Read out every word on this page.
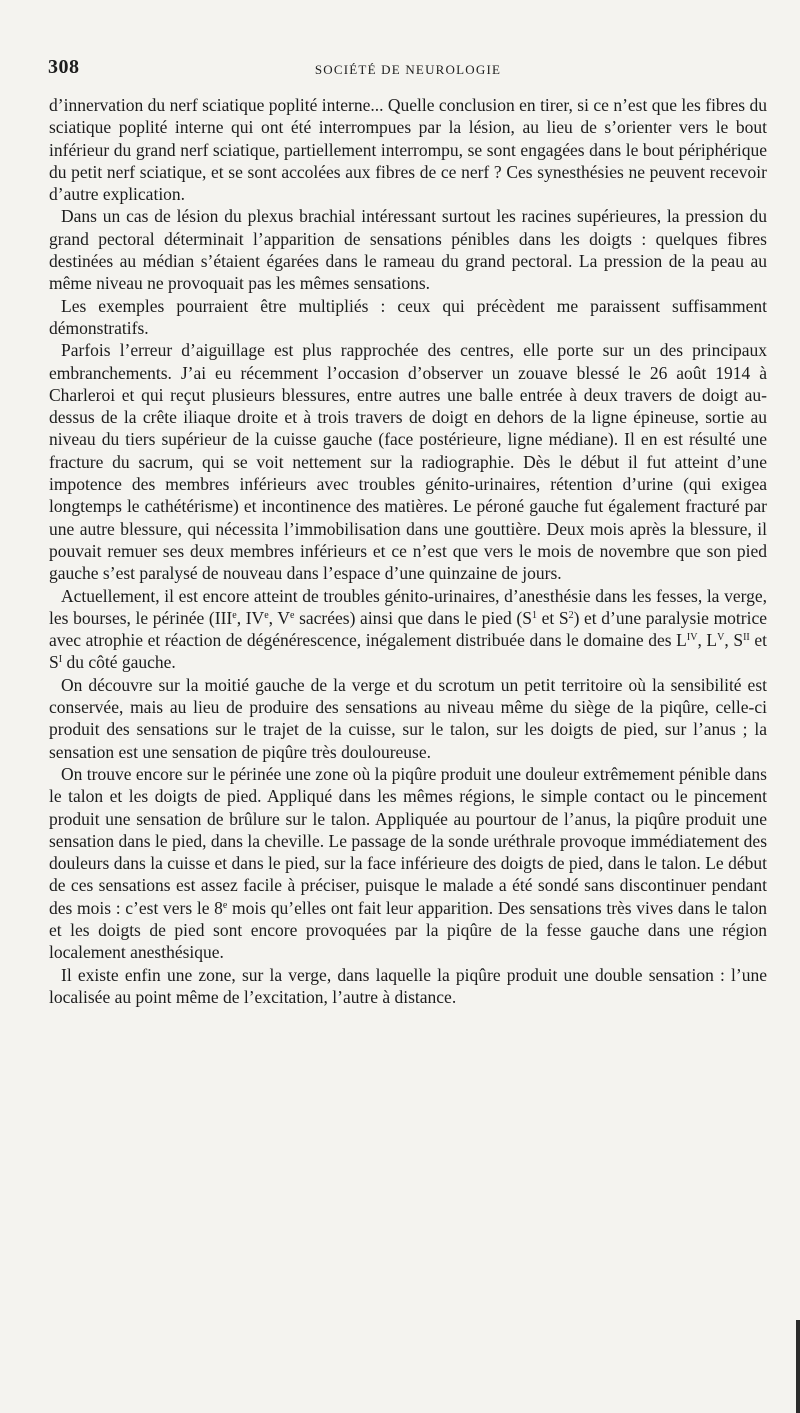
308	SOCIÉTÉ DE NEUROLOGIE

d’innervation du nerf sciatique poplité interne... Quelle conclusion en tirer, si ce n’est que les fibres du sciatique poplité interne qui ont été interrompues par la lésion, au lieu de s’orienter vers le bout inférieur du grand nerf sciatique, partiellement interrompu, se sont engagées dans le bout périphérique du petit nerf sciatique, et se sont accolées aux fibres de ce nerf ? Ces synesthésies ne peuvent recevoir d’autre explication.

Dans un cas de lésion du plexus brachial intéressant surtout les racines supérieures, la pression du grand pectoral déterminait l’apparition de sensations pénibles dans les doigts : quelques fibres destinées au médian s’étaient égarées dans le rameau du grand pectoral. La pression de la peau au même niveau ne provoquait pas les mêmes sensations.

Les exemples pourraient être multipliés : ceux qui précèdent me paraissent suffisamment démonstratifs.

Parfois l’erreur d’aiguillage est plus rapprochée des centres, elle porte sur un des principaux embranchements. J’ai eu récemment l’occasion d’observer un zouave blessé le 26 août 1914 à Charleroi et qui reçut plusieurs blessures, entre autres une balle entrée à deux travers de doigt au-dessus de la crête iliaque droite et à trois travers de doigt en dehors de la ligne épineuse, sortie au niveau du tiers supérieur de la cuisse gauche (face postérieure, ligne médiane). Il en est résulté une fracture du sacrum, qui se voit nettement sur la radiographie. Dès le début il fut atteint d’une impotence des membres inférieurs avec troubles génito-urinaires, rétention d’urine (qui exigea longtemps le cathétérisme) et incontinence des matières. Le péroné gauche fut également fracturé par une autre blessure, qui nécessita l’immobilisation dans une gouttière. Deux mois après la blessure, il pouvait remuer ses deux membres inférieurs et ce n’est que vers le mois de novembre que son pied gauche s’est paralysé de nouveau dans l’espace d’une quinzaine de jours.

Actuellement, il est encore atteint de troubles génito-urinaires, d’anesthésie dans les fesses, la verge, les bourses, le périnée (IIIe, IVe, Ve sacrées) ainsi que dans le pied ($S^1$ et $S^2$) et d’une paralysie motrice avec atrophie et réaction de dégénérescence, inégalement distribuée dans le domaine des $L^{IV}$, $L^V$, $S^{II}$ et $S^I$ du côté gauche.

On découvre sur la moitié gauche de la verge et du scrotum un petit territoire où la sensibilité est conservée, mais au lieu de produire des sensations au niveau même du siège de la piqûre, celle-ci produit des sensations sur le trajet de la cuisse, sur le talon, sur les doigts de pied, sur l’anus ; la sensation est une sensation de piqûre très douloureuse.

On trouve encore sur le périnée une zone où la piqûre produit une douleur extrêmement pénible dans le talon et les doigts de pied. Appliqué dans les mêmes régions, le simple contact ou le pincement produit une sensation de brûlure sur le talon. Appliquée au pourtour de l’anus, la piqûre produit une sensation dans le pied, dans la cheville. Le passage de la sonde uréthrale provoque immédiatement des douleurs dans la cuisse et dans le pied, sur la face inférieure des doigts de pied, dans le talon. Le début de ces sensations est assez facile à préciser, puisque le malade a été sondé sans discontinuer pendant des mois : c’est vers le 8e mois qu’elles ont fait leur apparition. Des sensations très vives dans le talon et les doigts de pied sont encore provoquées par la piqûre de la fesse gauche dans une région localement anesthésique.

Il existe enfin une zone, sur la verge, dans laquelle la piqûre produit une double sensation : l’une localisée au point même de l’excitation, l’autre à distance.
